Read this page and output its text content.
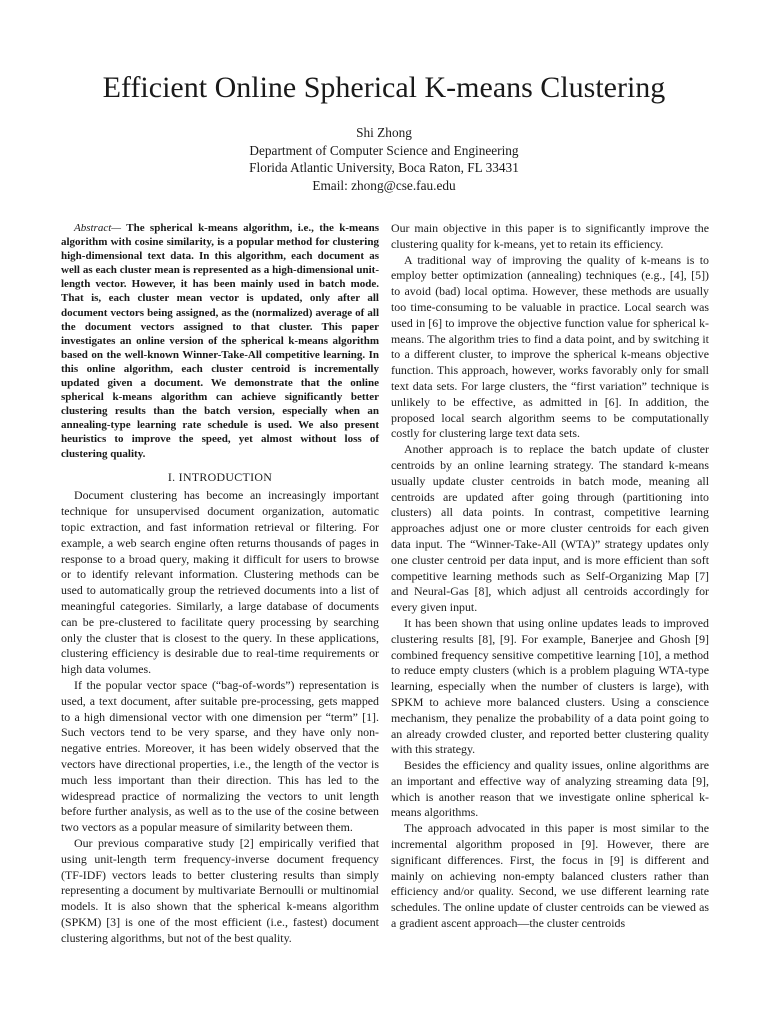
Efficient Online Spherical K-means Clustering
Shi Zhong
Department of Computer Science and Engineering
Florida Atlantic University, Boca Raton, FL 33431
Email: zhong@cse.fau.edu

Abstract— The spherical k-means algorithm, i.e., the k-means algorithm with cosine similarity, is a popular method for clustering high-dimensional text data. In this algorithm, each document as well as each cluster mean is represented as a high-dimensional unit-length vector. However, it has been mainly used in batch mode. That is, each cluster mean vector is updated, only after all document vectors being assigned, as the (normalized) average of all the document vectors assigned to that cluster. This paper investigates an online version of the spherical k-means algorithm based on the well-known Winner-Take-All competitive learning. In this online algorithm, each cluster centroid is incrementally updated given a document. We demonstrate that the online spherical k-means algorithm can achieve significantly better clustering results than the batch version, especially when an annealing-type learning rate schedule is used. We also present heuristics to improve the speed, yet almost without loss of clustering quality.

I. INTRODUCTION

Document clustering has become an increasingly important technique for unsupervised document organization, automatic topic extraction, and fast information retrieval or filtering. For example, a web search engine often returns thousands of pages in response to a broad query, making it difficult for users to browse or to identify relevant information. Clustering methods can be used to automatically group the retrieved documents into a list of meaningful categories. Similarly, a large database of documents can be pre-clustered to facilitate query processing by searching only the cluster that is closest to the query. In these applications, clustering efficiency is desirable due to real-time requirements or high data volumes.

If the popular vector space (“bag-of-words”) representation is used, a text document, after suitable pre-processing, gets mapped to a high dimensional vector with one dimension per “term” [1]. Such vectors tend to be very sparse, and they have only non-negative entries. Moreover, it has been widely observed that the vectors have directional properties, i.e., the length of the vector is much less important than their direction. This has led to the widespread practice of normalizing the vectors to unit length before further analysis, as well as to the use of the cosine between two vectors as a popular measure of similarity between them.

Our previous comparative study [2] empirically verified that using unit-length term frequency-inverse document frequency (TF-IDF) vectors leads to better clustering results than simply representing a document by multivariate Bernoulli or multinomial models. It is also shown that the spherical k-means algorithm (SPKM) [3] is one of the most efficient (i.e., fastest) document clustering algorithms, but not of the best quality.

Our main objective in this paper is to significantly improve the clustering quality for k-means, yet to retain its efficiency.

A traditional way of improving the quality of k-means is to employ better optimization (annealing) techniques (e.g., [4], [5]) to avoid (bad) local optima. However, these methods are usually too time-consuming to be valuable in practice. Local search was used in [6] to improve the objective function value for spherical k-means. The algorithm tries to find a data point, and by switching it to a different cluster, to improve the spherical k-means objective function. This approach, however, works favorably only for small text data sets. For large clusters, the “first variation” technique is unlikely to be effective, as admitted in [6]. In addition, the proposed local search algorithm seems to be computationally costly for clustering large text data sets.

Another approach is to replace the batch update of cluster centroids by an online learning strategy. The standard k-means usually update cluster centroids in batch mode, meaning all centroids are updated after going through (partitioning into clusters) all data points. In contrast, competitive learning approaches adjust one or more cluster centroids for each given data input. The “Winner-Take-All (WTA)” strategy updates only one cluster centroid per data input, and is more efficient than soft competitive learning methods such as Self-Organizing Map [7] and Neural-Gas [8], which adjust all centroids accordingly for every given input.

It has been shown that using online updates leads to improved clustering results [8], [9]. For example, Banerjee and Ghosh [9] combined frequency sensitive competitive learning [10], a method to reduce empty clusters (which is a problem plaguing WTA-type learning, especially when the number of clusters is large), with SPKM to achieve more balanced clusters. Using a conscience mechanism, they penalize the probability of a data point going to an already crowded cluster, and reported better clustering quality with this strategy.

Besides the efficiency and quality issues, online algorithms are an important and effective way of analyzing streaming data [9], which is another reason that we investigate online spherical k-means algorithms.

The approach advocated in this paper is most similar to the incremental algorithm proposed in [9]. However, there are significant differences. First, the focus in [9] is different and mainly on achieving non-empty balanced clusters rather than efficiency and/or quality. Second, we use different learning rate schedules. The online update of cluster centroids can be viewed as a gradient ascent approach—the cluster centroids
